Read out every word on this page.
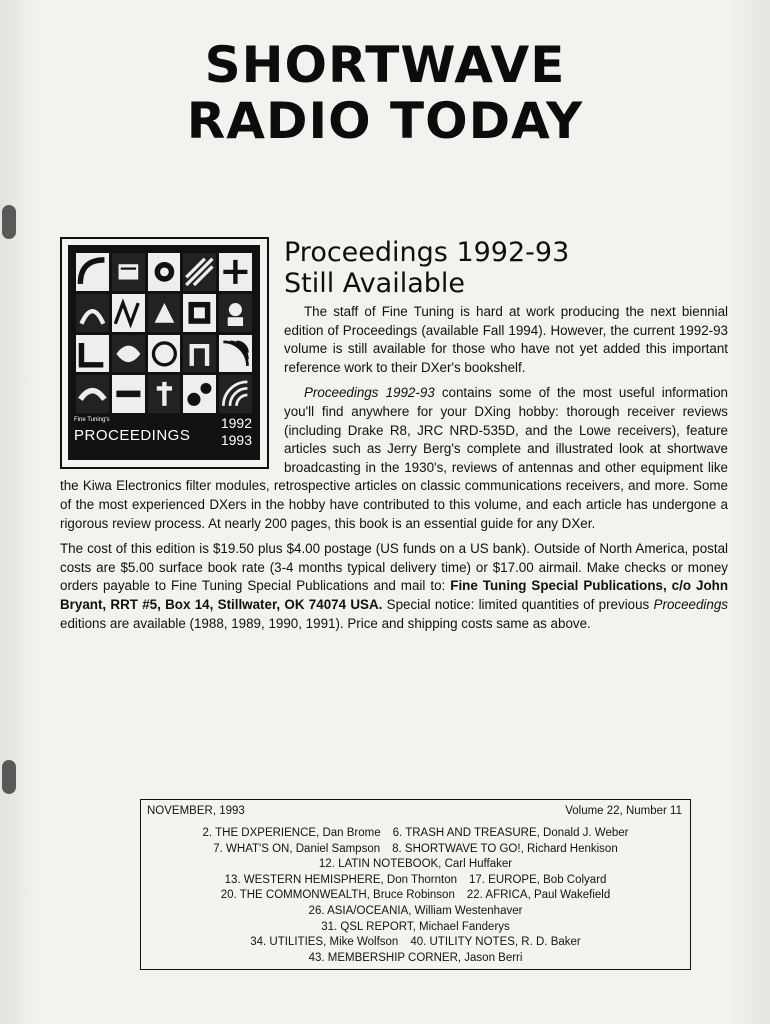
SHORTWAVE
RADIO TODAY
Fine Tuning's
PROCEEDINGS
1992
1993
Proceedings 1992-93
Still Available

The staff of Fine Tuning is hard at work producing the next biennial edition of Proceedings (available Fall 1994). However, the current 1992-93 volume is still available for those who have not yet added this important reference work to their DXer's bookshelf.

Proceedings 1992-93 contains some of the most useful information you'll find anywhere for your DXing hobby: thorough receiver reviews (including Drake R8, JRC NRD-535D, and the Lowe receivers), feature articles such as Jerry Berg's complete and illustrated look at shortwave broadcasting in the 1930's, reviews of antennas and other equipment like the Kiwa Electronics filter modules, retrospective articles on classic communications receivers, and more. Some of the most experienced DXers in the hobby have contributed to this volume, and each article has undergone a rigorous review process. At nearly 200 pages, this book is an essential guide for any DXer.

The cost of this edition is $19.50 plus $4.00 postage (US funds on a US bank). Outside of North America, postal costs are $5.00 surface book rate (3-4 months typical delivery time) or $17.00 airmail. Make checks or money orders payable to Fine Tuning Special Publications and mail to: Fine Tuning Special Publications, c/o John Bryant, RRT #5, Box 14, Stillwater, OK 74074 USA. Special notice: limited quantities of previous Proceedings editions are available (1988, 1989, 1990, 1991). Price and shipping costs same as above.

NOVEMBER, 1993	Volume 22, Number 11
2. THE DXPERIENCE, Dan Brome 6. TRASH AND TREASURE, Donald J. Weber
7. WHAT'S ON, Daniel Sampson 8. SHORTWAVE TO GO!, Richard Henkison
12. LATIN NOTEBOOK, Carl Huffaker
13. WESTERN HEMISPHERE, Don Thornton 17. EUROPE, Bob Colyard
20. THE COMMONWEALTH, Bruce Robinson 22. AFRICA, Paul Wakefield
26. ASIA/OCEANIA, William Westenhaver
31. QSL REPORT, Michael Fanderys
34. UTILITIES, Mike Wolfson 40. UTILITY NOTES, R. D. Baker
43. MEMBERSHIP CORNER, Jason Berri
